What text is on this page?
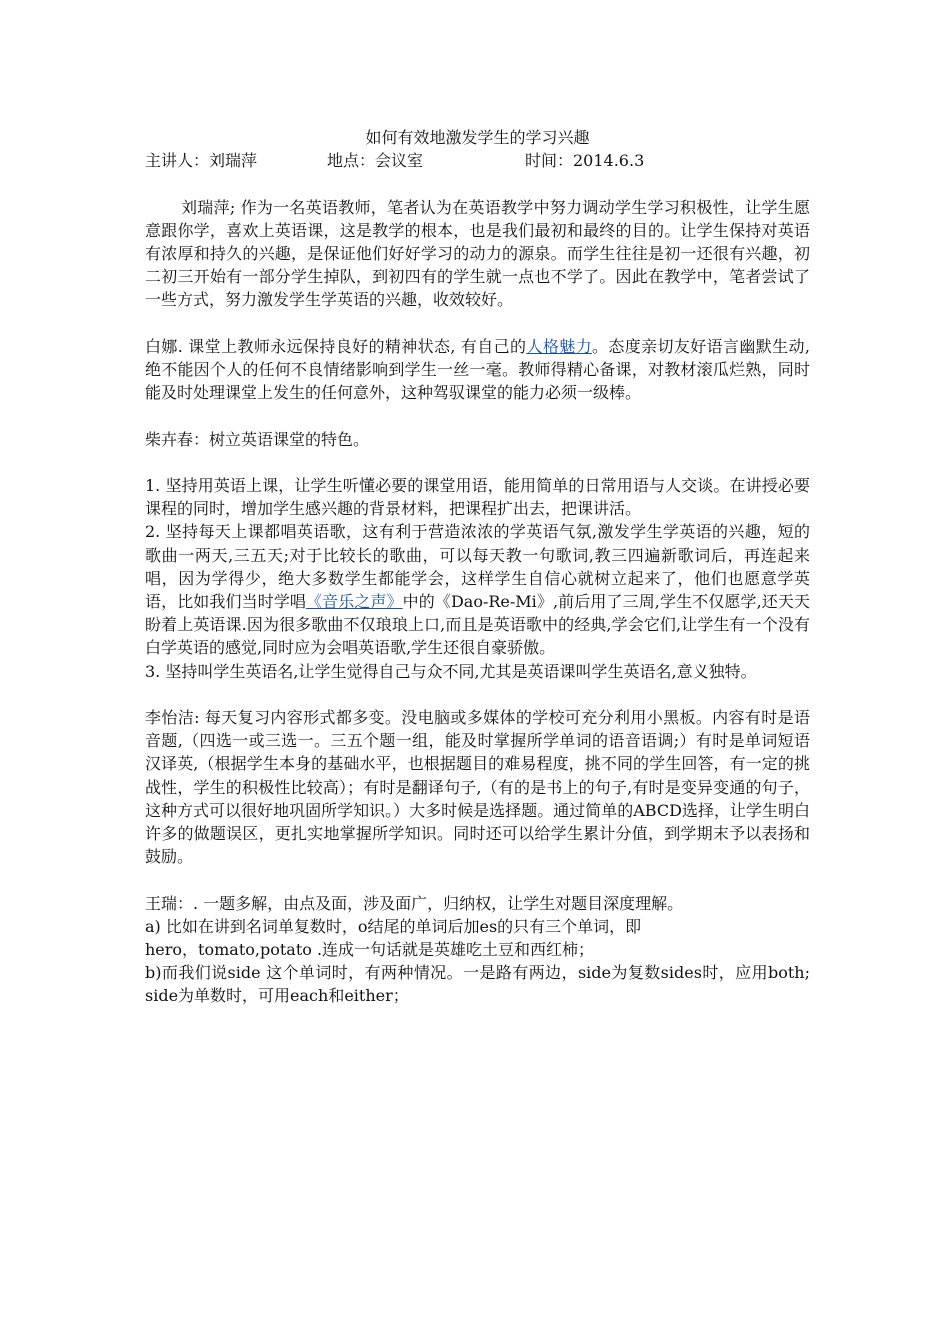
如何有效地激发学生的学习兴趣

主讲人：刘瑞萍	地点：会议室	时间：2014.6.3

刘瑞萍; 作为一名英语教师，笔者认为在英语教学中努力调动学生学习积极性，让学生愿意跟你学，喜欢上英语课，这是教学的根本，也是我们最初和最终的目的。让学生保持对英语有浓厚和持久的兴趣，是保证他们好好学习的动力的源泉。而学生往往是初一还很有兴趣，初二初三开始有一部分学生掉队，到初四有的学生就一点也不学了。因此在教学中，笔者尝试了一些方式，努力激发学生学英语的兴趣，收效较好。

白娜. 课堂上教师永远保持良好的精神状态, 有自己的人格魅力。态度亲切友好语言幽默生动,绝不能因个人的任何不良情绪影响到学生一丝一毫。教师得精心备课，对教材滚瓜烂熟，同时能及时处理课堂上发生的任何意外，这种驾驭课堂的能力必须一级棒。

柴卉春：树立英语课堂的特色。

1. 坚持用英语上课，让学生听懂必要的课堂用语，能用简单的日常用语与人交谈。在讲授必要课程的同时，增加学生感兴趣的背景材料，把课程扩出去，把课讲活。

2. 坚持每天上课都唱英语歌，这有利于营造浓浓的学英语气氛,激发学生学英语的兴趣，短的歌曲一两天,三五天;对于比较长的歌曲，可以每天教一句歌词,教三四遍新歌词后，再连起来唱，因为学得少，绝大多数学生都能学会，这样学生自信心就树立起来了，他们也愿意学英语，比如我们当时学唱《音乐之声》中的《Dao-Re-Mi》,前后用了三周,学生不仅愿学,还天天盼着上英语课.因为很多歌曲不仅琅琅上口,而且是英语歌中的经典,学会它们,让学生有一个没有白学英语的感觉,同时应为会唱英语歌,学生还很自豪骄傲。

3. 坚持叫学生英语名,让学生觉得自己与众不同,尤其是英语课叫学生英语名,意义独特。

李怡洁: 每天复习内容形式都多变。没电脑或多媒体的学校可充分利用小黑板。内容有时是语音题,（四选一或三选一。三五个题一组，能及时掌握所学单词的语音语调;）有时是单词短语汉译英,（根据学生本身的基础水平，也根据题目的难易程度，挑不同的学生回答，有一定的挑战性，学生的积极性比较高）；有时是翻译句子,（有的是书上的句子,有时是变异变通的句子，这种方式可以很好地巩固所学知识。）大多时候是选择题。通过简单的ABCD选择，让学生明白许多的做题误区，更扎实地掌握所学知识。同时还可以给学生累计分值，到学期末予以表扬和鼓励。

王瑞：. 一题多解，由点及面，涉及面广，归纳权，让学生对题目深度理解。

a) 比如在讲到名词单复数时，o结尾的单词后加es的只有三个单词，即

hero，tomato,potato .连成一句话就是英雄吃土豆和西红柿；

b)而我们说side 这个单词时，有两种情况。一是路有两边，side为复数sides时，应用both; side为单数时，可用each和either；
